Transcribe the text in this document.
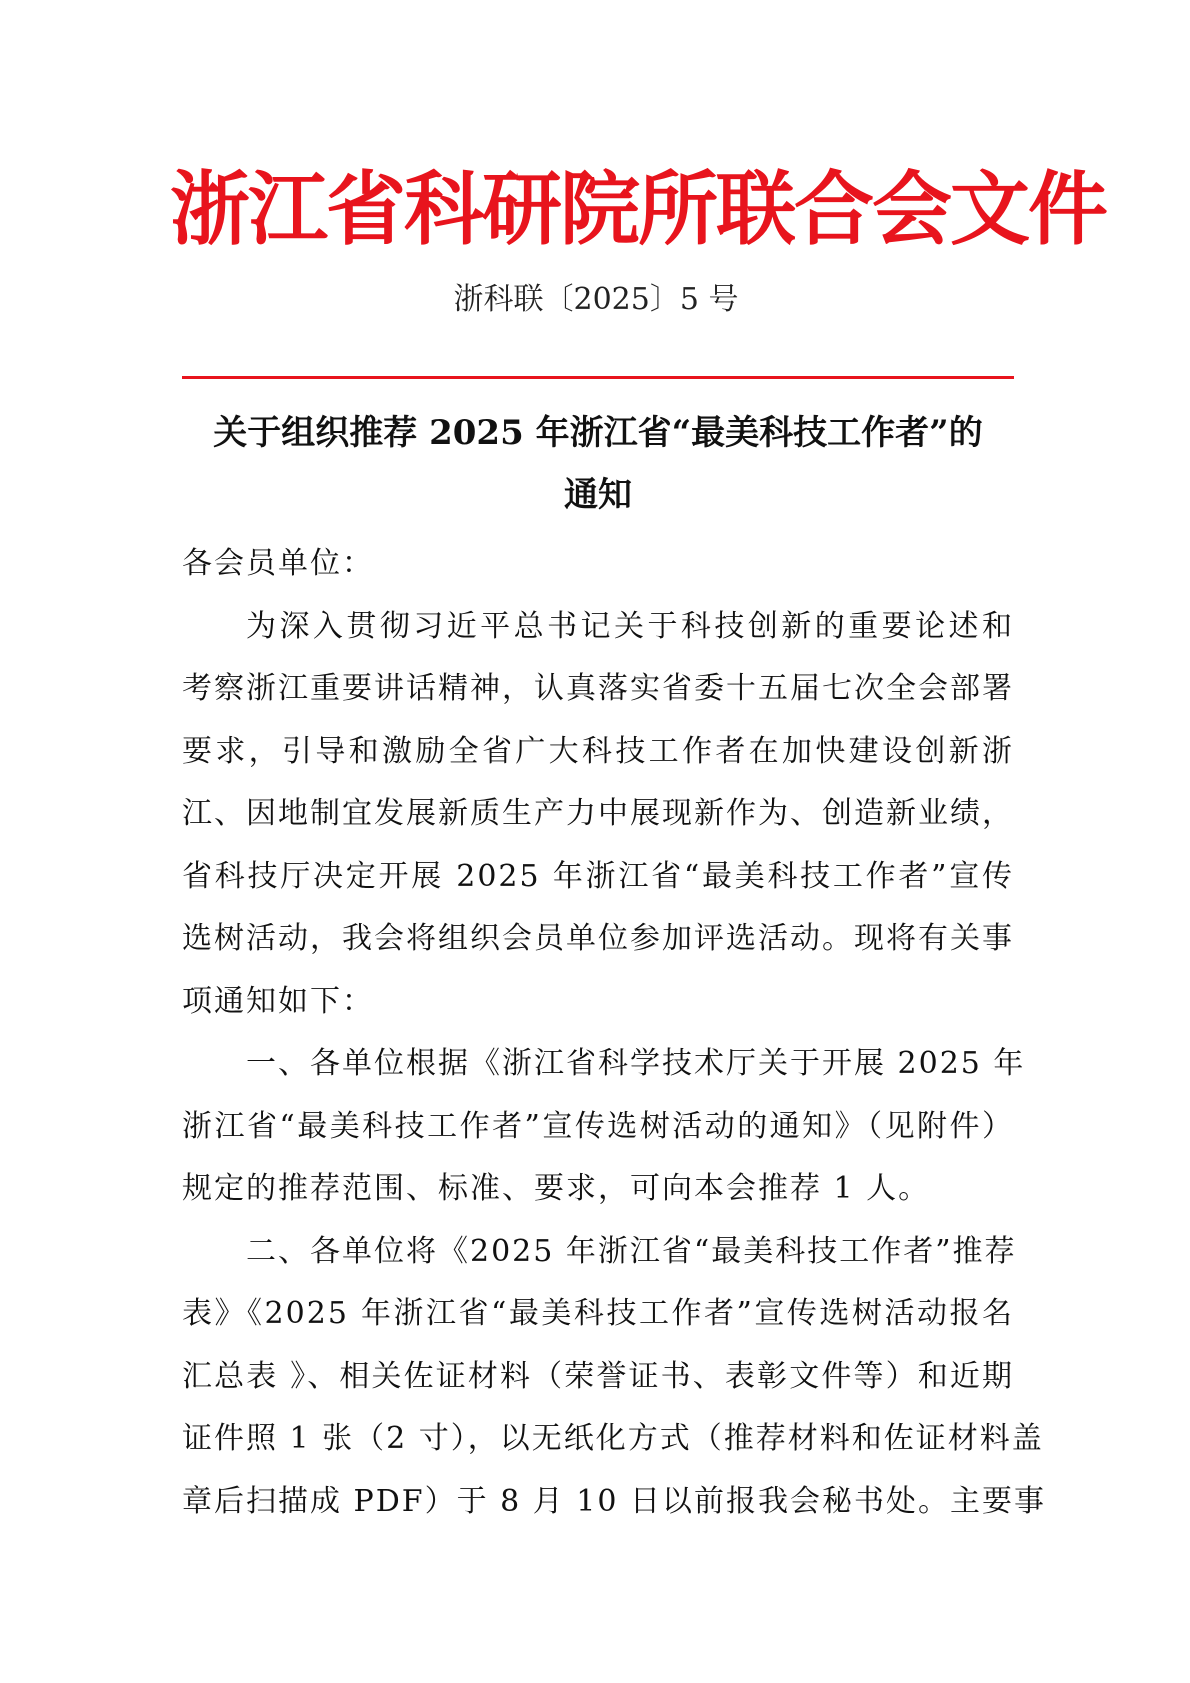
浙江省科研院所联合会文件
浙科联〔2025〕5 号
关于组织推荐 2025 年浙江省“最美科技工作者”的
通知
各会员单位：
为深入贯彻习近平总书记关于科技创新的重要论述和
考察浙江重要讲话精神，认真落实省委十五届七次全会部署
要求，引导和激励全省广大科技工作者在加快建设创新浙
江、因地制宜发展新质生产力中展现新作为、创造新业绩，
省科技厅决定开展 2025 年浙江省“最美科技工作者”宣传
选树活动，我会将组织会员单位参加评选活动。现将有关事
项通知如下：
一、各单位根据《浙江省科学技术厅关于开展 2025 年
浙江省“最美科技工作者”宣传选树活动的通知》（见附件）
规定的推荐范围、标准、要求，可向本会推荐 1 人。
二、各单位将《2025 年浙江省“最美科技工作者”推荐
表》《2025 年浙江省“最美科技工作者”宣传选树活动报名
汇总表 》、相关佐证材料（荣誉证书、表彰文件等）和近期
证件照 1 张（2 寸），以无纸化方式（推荐材料和佐证材料盖
章后扫描成 PDF）于 8 月 10 日以前报我会秘书处。主要事
